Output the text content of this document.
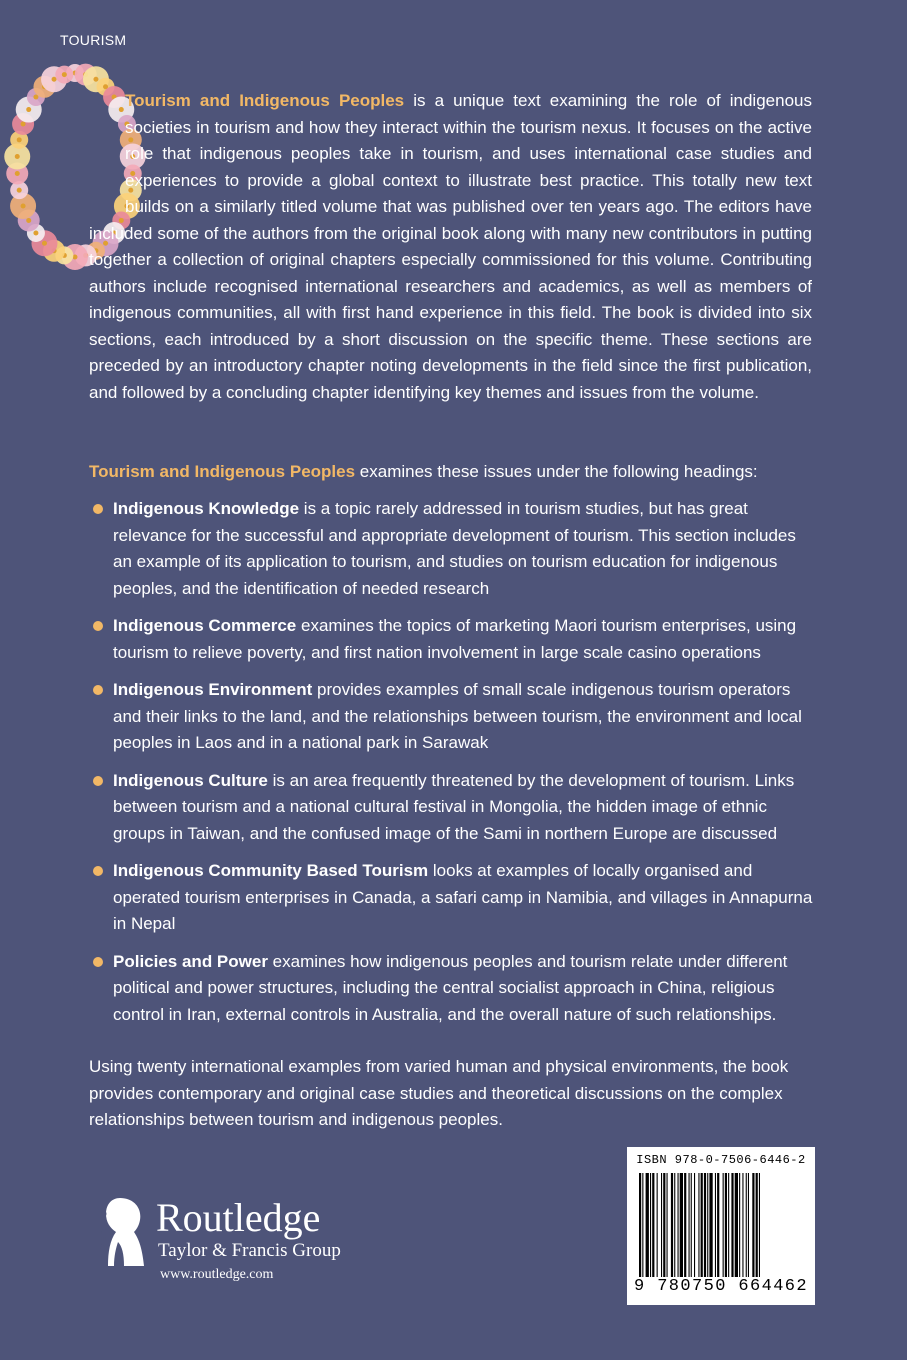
TOURISM

Tourism and Indigenous Peoples is a unique text examining the role of indigenous societies in tourism and how they interact within the tourism nexus. It focuses on the active role that indigenous peoples take in tourism, and uses international case studies and experiences to provide a global context to illustrate best practice. This totally new text builds on a similarly titled volume that was published over ten years ago. The editors have included some of the authors from the original book along with many new contributors in putting together a collection of original chapters especially commissioned for this volume. Contributing authors include recognised international researchers and academics, as well as members of indigenous communities, all with first hand experience in this field. The book is divided into six sections, each introduced by a short discussion on the specific theme. These sections are preceded by an introductory chapter noting developments in the field since the first publication, and followed by a concluding chapter identifying key themes and issues from the volume.

Tourism and Indigenous Peoples examines these issues under the following headings:

Indigenous Knowledge is a topic rarely addressed in tourism studies, but has great relevance for the successful and appropriate development of tourism. This section includes an example of its application to tourism, and studies on tourism education for indigenous peoples, and the identification of needed research
Indigenous Commerce examines the topics of marketing Maori tourism enterprises, using tourism to relieve poverty, and first nation involvement in large scale casino operations
Indigenous Environment provides examples of small scale indigenous tourism operators and their links to the land, and the relationships between tourism, the environment and local peoples in Laos and in a national park in Sarawak
Indigenous Culture is an area frequently threatened by the development of tourism. Links between tourism and a national cultural festival in Mongolia, the hidden image of ethnic groups in Taiwan, and the confused image of the Sami in northern Europe are discussed
Indigenous Community Based Tourism looks at examples of locally organised and operated tourism enterprises in Canada, a safari camp in Namibia, and villages in Annapurna in Nepal
Policies and Power examines how indigenous peoples and tourism relate under different political and power structures, including the central socialist approach in China, religious control in Iran, external controls in Australia, and the overall nature of such relationships.

Using twenty international examples from varied human and physical environments, the book provides contemporary and original case studies and theoretical discussions on the complex relationships between tourism and indigenous peoples.

ROUTLEDGE Routledge
Taylor & Francis Group
www.routledge.com
ISBN 978-0-7506-6446-2
9 780750 664462
